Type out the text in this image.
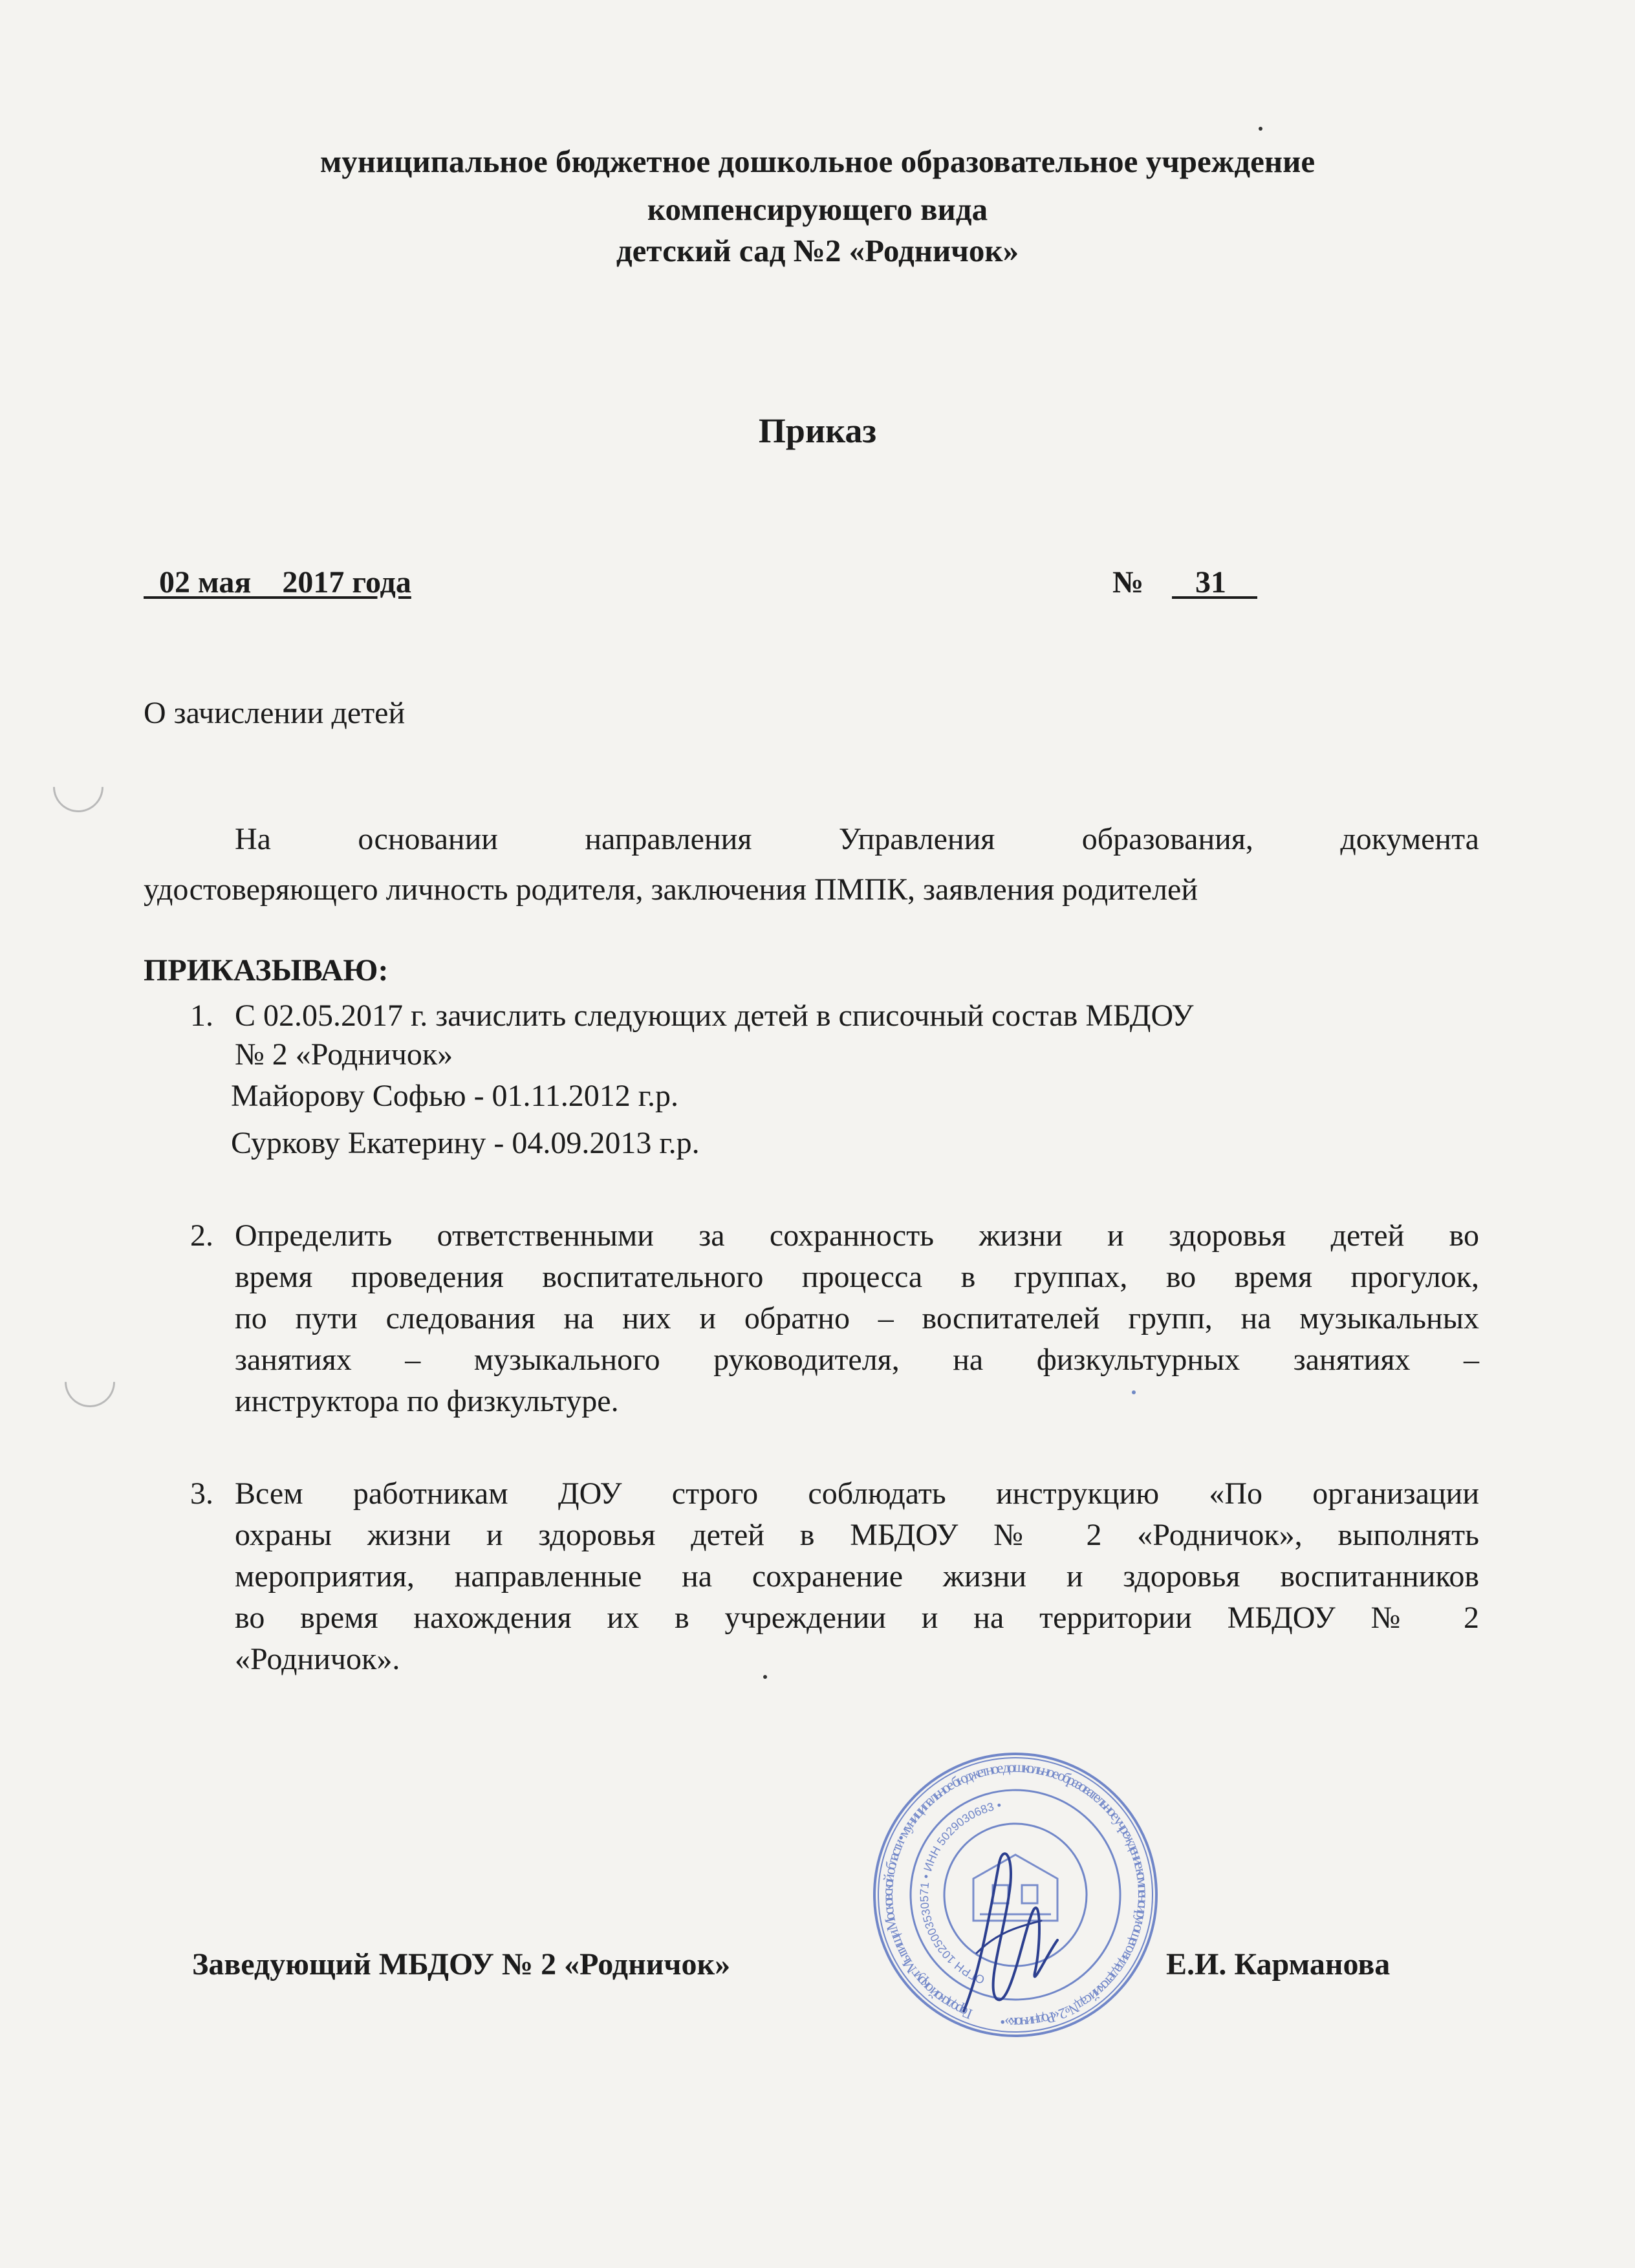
муниципальное бюджетное дошкольное образовательное учреждение
компенсирующего вида
детский сад №2 «Родничок»
Приказ
02 мая    2017 года	№ 31
О зачислении детей
На	основании	направления	Управления	образования,	документа
удостоверяющего личность родителя, заключения ПМПК, заявления родителей
ПРИКАЗЫВАЮ:
1. С 02.05.2017 г. зачислить следующих детей в списочный состав МБДОУ
№ 2 «Родничок»
Майорову Софью - 01.11.2012 г.р.
Суркову Екатерину - 04.09.2013 г.р.
2. Определить ответственными за сохранность жизни и здоровья детей во
время проведения воспитательного процесса в группах, во время прогулок,
по пути следования на них и обратно – воспитателей групп, на музыкальных
занятиях – музыкального руководителя, на физкультурных занятиях –
инструктора по физкультуре.
3. Всем работникам ДОУ строго соблюдать инструкцию «По организации
охраны жизни и здоровья детей в МБДОУ № 2 «Родничок», выполнять
мероприятия, направленные на сохранение жизни и здоровья воспитанников
во время нахождения их в учреждении и на территории МБДОУ № 2
«Родничок».
Городской округ Мытищи Московской области • муниципальное бюджетное дошкольное образовательное учреждение компенсирующего вида детский сад № 2 «Родничок» •
ОГРН 1025003530571 • ИНН 5029030683 •
Заведующий МБДОУ № 2 «Родничок»	Е.И. Карманова
